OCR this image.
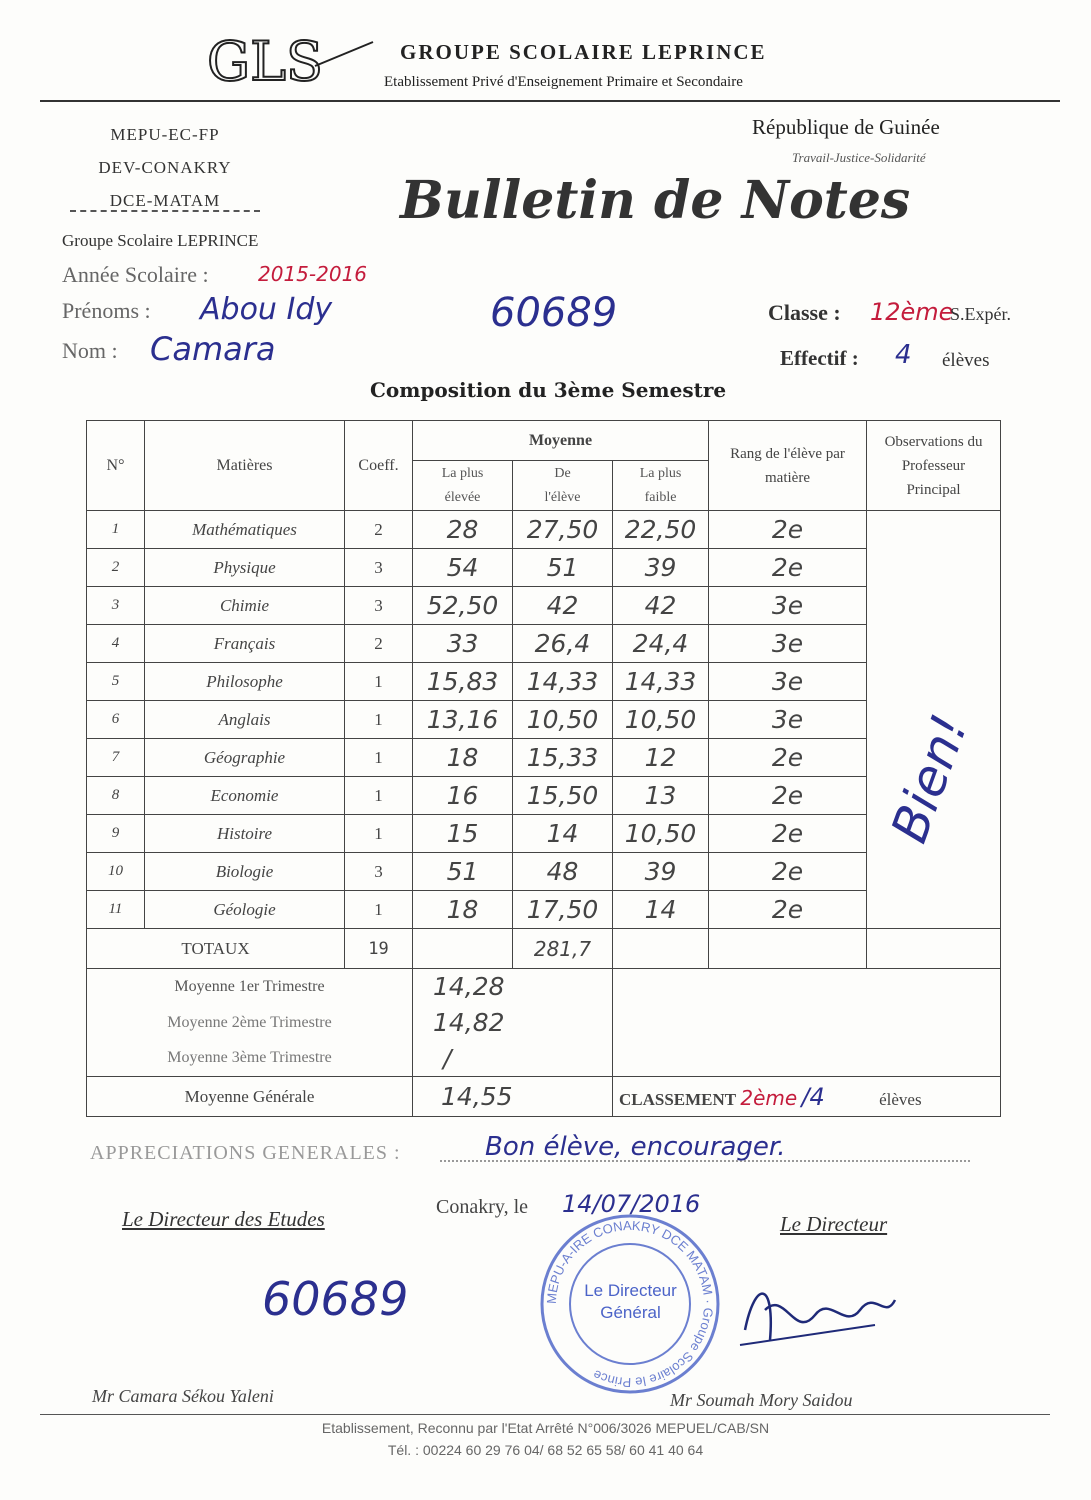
GLS	GROUPE SCOLAIRE LEPRINCE
Etablissement Privé d'Enseignement Primaire et Secondaire
MEPU-EC-FP
DEV-CONAKRY
DCE-MATAM
Groupe Scolaire LEPRINCE
République de Guinée
Travail-Justice-Solidarité
Bulletin de Notes
Année Scolaire : 2015-2016
Prénoms : Abou Idy	60689
Nom : Camara
Classe : 12ème
S.Expér.
Effectif : 4 élèves
Composition du 3ème Semestre
N°	Matières	Coeff.	Moyenne			Rang de l'élève par matière	Observations du Professeur Principal
			La plus élevée	De l'élève	La plus faible		
1	Mathématiques	2	28	27,50	22,50	2e	
2	Physique	3	54	51	39	2e	
3	Chimie	3	52,50	42	42	3e	
4	Français	2	33	26,4	24,4	3e	
5	Philosophe	1	15,83	14,33	14,33	3e	
6	Anglais	1	13,16	10,50	10,50	3e	
7	Géographie	1	18	15,33	12	2e	
8	Economie	1	16	15,50	13	2e	
9	Histoire	1	15	14	10,50	2e	
10	Biologie	3	51	48	39	2e	
11	Géologie	1	18	17,50	14	2e	
TOTAUX		19		281,7			
Moyenne 1er Trimestre			14,28				
Moyenne 2ème Trimestre			14,82				
Moyenne 3ème Trimestre			/				
Moyenne Générale			14,55		CLASSEMENT 2ème /4 élèves		
Bien!
APPRECIATIONS GENERALES :	Bon élève, encourager.
Conakry, le 14/07/2016
Le Directeur des Etudes	Le Directeur
60689	MEPU-A-IRE CONAKRY DCE MATAM · Groupe Scolaire le Prince
Le Directeur Général
Mr Camara Sékou Yaleni	Mr Soumah Mory Saidou
Etablissement, Reconnu par l'Etat Arrêté N°006/3026 MEPUEL/CAB/SN
Tél. : 00224 60 29 76 04/ 68 52 65 58/ 60 41 40 64
